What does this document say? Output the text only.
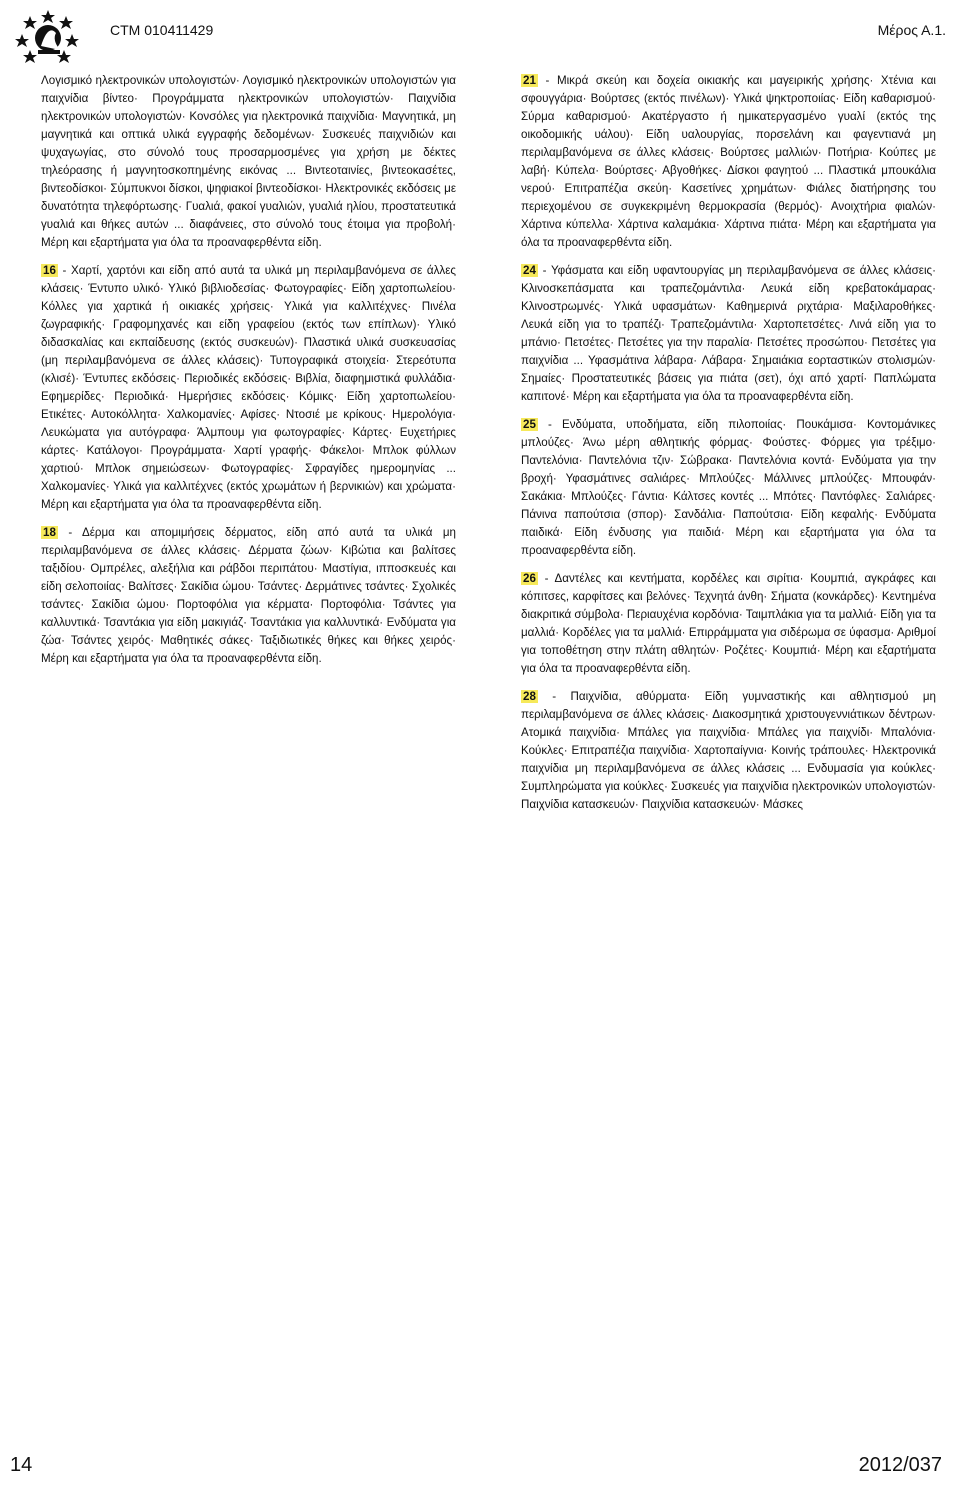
CTM 010411429	Μέρος Α.1.

Λογισμικό ηλεκτρονικών υπολογιστών· Λογισμικό ηλεκτρονικών υπολογιστών για παιχνίδια βίντεο· Προγράμματα ηλεκτρονικών υπολογιστών· Παιχνίδια ηλεκτρονικών υπολογιστών· Κονσόλες για ηλεκτρονικά παιχνίδια· Μαγνητικά, μη μαγνητικά και οπτικά υλικά εγγραφής δεδομένων· Συσκευές παιχνιδιών και ψυχαγωγίας, στο σύνολό τους προσαρμοσμένες για χρήση με δέκτες τηλεόρασης ή μαγνητοσκοπημένης εικόνας ... Βιντεοταινίες, βιντεοκασέτες, βιντεοδίσκοι· Σύμπυκνοι δίσκοι, ψηφιακοί βιντεοδίσκοι· Ηλεκτρονικές εκδόσεις με δυνατότητα τηλεφόρτωσης· Γυαλιά, φακοί γυαλιών, γυαλιά ηλίου, προστατευτικά γυαλιά και θήκες αυτών ... διαφάνειες, στο σύνολό τους έτοιμα για προβολή· Μέρη και εξαρτήματα για όλα τα προαναφερθέντα είδη.

16 - Χαρτί, χαρτόνι και είδη από αυτά τα υλικά μη περιλαμβανόμενα σε άλλες κλάσεις· Έντυπο υλικό· Υλικό βιβλιοδεσίας· Φωτογραφίες· Είδη χαρτοπωλείου· Κόλλες για χαρτικά ή οικιακές χρήσεις· Υλικά για καλλιτέχνες· Πινέλα ζωγραφικής· Γραφομηχανές και είδη γραφείου (εκτός των επίπλων)· Υλικό διδασκαλίας και εκπαίδευσης (εκτός συσκευών)· Πλαστικά υλικά συσκευασίας (μη περιλαμβανόμενα σε άλλες κλάσεις)· Τυπογραφικά στοιχεία· Στερεότυπα (κλισέ)· Έντυπες εκδόσεις· Περιοδικές εκδόσεις· Βιβλία, διαφημιστικά φυλλάδια· Εφημερίδες· Περιοδικά· Ημερήσιες εκδόσεις· Κόμικς· Είδη χαρτοπωλείου· Ετικέτες· Αυτοκόλλητα· Χαλκομανίες· Αφίσες· Ντοσιέ με κρίκους· Ημερολόγια· Λευκώματα για αυτόγραφα· Άλμπουμ για φωτογραφίες· Κάρτες· Ευχετήριες κάρτες· Κατάλογοι· Προγράμματα· Χαρτί γραφής· Φάκελοι· Μπλοκ φύλλων χαρτιού· Μπλοκ σημειώσεων· Φωτογραφίες· Σφραγίδες ημερομηνίας ... Χαλκομανίες· Υλικά για καλλιτέχνες (εκτός χρωμάτων ή βερνικιών) και χρώματα· Μέρη και εξαρτήματα για όλα τα προαναφερθέντα είδη.

18 - Δέρμα και απομιμήσεις δέρματος, είδη από αυτά τα υλικά μη περιλαμβανόμενα σε άλλες κλάσεις· Δέρματα ζώων· Κιβώτια και βαλίτσες ταξιδίου· Ομπρέλες, αλεξήλια και ράβδοι περιπάτου· Μαστίγια, ιπποσκευές και είδη σελοποιίας· Βαλίτσες· Σακίδια ώμου· Τσάντες· Δερμάτινες τσάντες· Σχολικές τσάντες· Σακίδια ώμου· Πορτοφόλια για κέρματα· Πορτοφόλια· Τσάντες για καλλυντικά· Τσαντάκια για είδη μακιγιάζ· Τσαντάκια για καλλυντικά· Ενδύματα για ζώα· Τσάντες χειρός· Μαθητικές σάκες· Ταξιδιωτικές θήκες και θήκες χειρός· Μέρη και εξαρτήματα για όλα τα προαναφερθέντα είδη.

21 - Μικρά σκεύη και δοχεία οικιακής και μαγειρικής χρήσης· Χτένια και σφουγγάρια· Βούρτσες (εκτός πινέλων)· Υλικά ψηκτροποιίας· Είδη καθαρισμού· Σύρμα καθαρισμού· Ακατέργαστο ή ημικατεργασμένο γυαλί (εκτός της οικοδομικής υάλου)· Είδη υαλουργίας, πορσελάνη και φαγεντιανά μη περιλαμβανόμενα σε άλλες κλάσεις· Βούρτσες μαλλιών· Ποτήρια· Κούπες με λαβή· Κύπελα· Βούρτσες· Αβγοθήκες· Δίσκοι φαγητού ... Πλαστικά μπουκάλια νερού· Επιτραπέζια σκεύη· Κασετίνες χρημάτων· Φιάλες διατήρησης του περιεχομένου σε συγκεκριμένη θερμοκρασία (θερμός)· Ανοιχτήρια φιαλών· Χάρτινα κύπελλα· Χάρτινα καλαμάκια· Χάρτινα πιάτα· Μέρη και εξαρτήματα για όλα τα προαναφερθέντα είδη.

24 - Υφάσματα και είδη υφαντουργίας μη περιλαμβανόμενα σε άλλες κλάσεις· Κλινοσκεπάσματα και τραπεζομάντιλα· Λευκά είδη κρεβατοκάμαρας· Κλινοστρωμνές· Υλικά υφασμάτων· Καθημερινά ριχτάρια· Μαξιλαροθήκες· Λευκά είδη για το τραπέζι· Τραπεζομάντιλα· Χαρτοπετσέτες· Λινά είδη για το μπάνιο· Πετσέτες· Πετσέτες για την παραλία· Πετσέτες προσώπου· Πετσέτες για παιχνίδια ... Υφασμάτινα λάβαρα· Λάβαρα· Σημαιάκια εορταστικών στολισμών· Σημαίες· Προστατευτικές βάσεις για πιάτα (σετ), όχι από χαρτί· Παπλώματα καπιτονέ· Μέρη και εξαρτήματα για όλα τα προαναφερθέντα είδη.

25 - Ενδύματα, υποδήματα, είδη πιλοποιίας· Πουκάμισα· Κοντομάνικες μπλούζες· Άνω μέρη αθλητικής φόρμας· Φούστες· Φόρμες για τρέξιμο· Παντελόνια· Παντελόνια τζιν· Σώβρακα· Παντελόνια κοντά· Ενδύματα για την βροχή· Υφασμάτινες σαλιάρες· Μπλούζες· Μάλλινες μπλούζες· Μπουφάν· Σακάκια· Μπλούζες· Γάντια· Κάλτσες κοντές ... Μπότες· Παντόφλες· Σαλιάρες· Πάνινα παπούτσια (σπορ)· Σανδάλια· Παπούτσια· Είδη κεφαλής· Ενδύματα παιδικά· Είδη ένδυσης για παιδιά· Μέρη και εξαρτήματα για όλα τα προαναφερθέντα είδη.

26 - Δαντέλες και κεντήματα, κορδέλες και σιρίτια· Κουμπιά, αγκράφες και κόπιτσες, καρφίτσες και βελόνες· Τεχνητά άνθη· Σήματα (κονκάρδες)· Κεντημένα διακριτικά σύμβολα· Περιαυχένια κορδόνια· Ταιμπλάκια για τα μαλλιά· Είδη για τα μαλλιά· Κορδέλες για τα μαλλιά· Επιρράμματα για σιδέρωμα σε ύφασμα· Αριθμοί για τοποθέτηση στην πλάτη αθλητών· Ροζέτες· Κουμπιά· Μέρη και εξαρτήματα για όλα τα προαναφερθέντα είδη.

28 - Παιχνίδια, αθύρματα· Είδη γυμναστικής και αθλητισμού μη περιλαμβανόμενα σε άλλες κλάσεις· Διακοσμητικά χριστουγεννιάτικων δέντρων· Ατομικά παιχνίδια· Μπάλες για παιχνίδια· Μπάλες για παιχνίδι· Μπαλόνια· Κούκλες· Επιτραπέζια παιχνίδια· Χαρτοπαίγνια· Κοινής τράπουλες· Ηλεκτρονικά παιχνίδια μη περιλαμβανόμενα σε άλλες κλάσεις ... Ενδυμασία για κούκλες· Συμπληρώματα για κούκλες· Συσκευές για παιχνίδια ηλεκτρονικών υπολογιστών· Παιχνίδια κατασκευών· Παιχνίδια κατασκευών· Μάσκες

14	2012/037
